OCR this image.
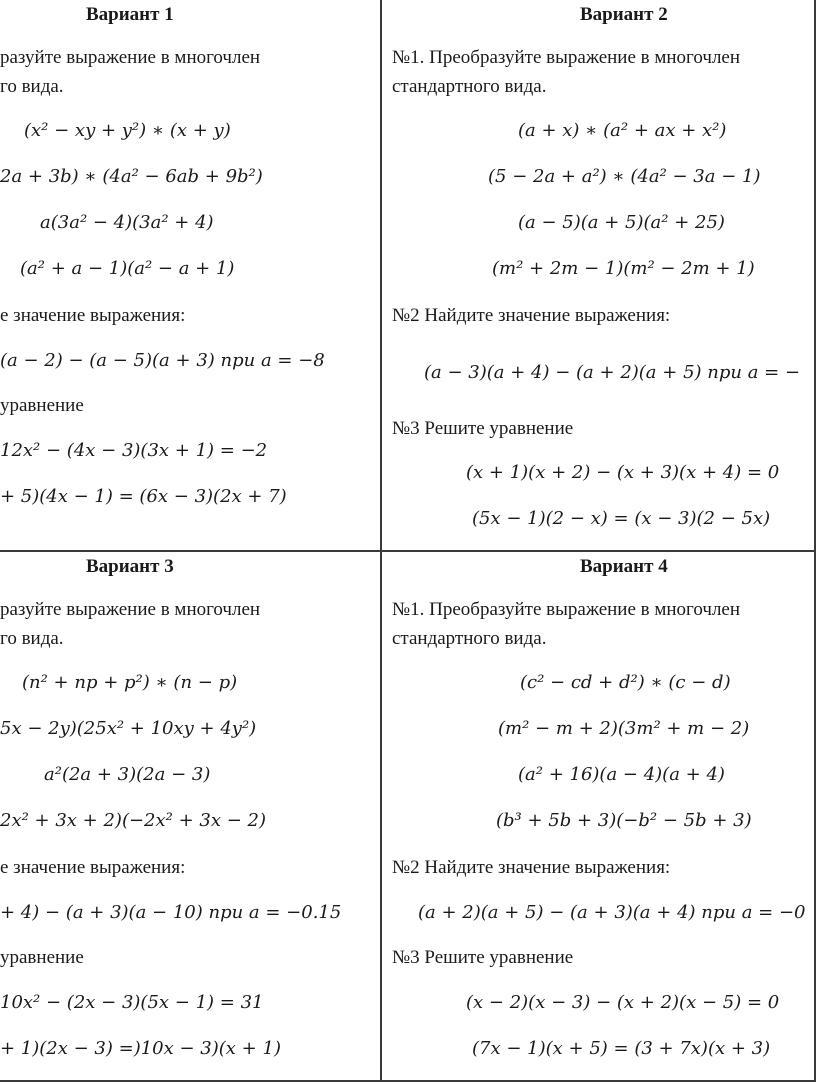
Вариант 1
разуйте выражение в многочлен
го вида.
(x² − xy + y²) ∗ (x + y)
2a + 3b) ∗ (4a² − 6ab + 9b²)
a(3a² − 4)(3a² + 4)
(a² + a − 1)(a² − a + 1)
е значение выражения:
(a − 2) − (a − 5)(a + 3) при a = −8
уравнение
12x² − (4x − 3)(3x + 1) = −2
+ 5)(4x − 1) = (6x − 3)(2x + 7)
Вариант 2
№1. Преобразуйте выражение в многочлен
стандартного вида.
(a + x) ∗ (a² + ax + x²)
(5 − 2a + a²) ∗ (4a² − 3a − 1)
(a − 5)(a + 5)(a² + 25)
(m² + 2m − 1)(m² − 2m + 1)
№2 Найдите значение выражения:
(a − 3)(a + 4) − (a + 2)(a + 5) при a = −
№3 Решите уравнение
(x + 1)(x + 2) − (x + 3)(x + 4) = 0
(5x − 1)(2 − x) = (x − 3)(2 − 5x)
Вариант 3
разуйте выражение в многочлен
го вида.
(n² + np + p²) ∗ (n − p)
5x − 2y)(25x² + 10xy + 4y²)
a²(2a + 3)(2a − 3)
2x² + 3x + 2)(−2x² + 3x − 2)
е значение выражения:
+ 4) − (a + 3)(a − 10) при a = −0.15
уравнение
10x² − (2x − 3)(5x − 1) = 31
+ 1)(2x − 3) =)10x − 3)(x + 1)
Вариант 4
№1. Преобразуйте выражение в многочлен
стандартного вида.
(c² − cd + d²) ∗ (c − d)
(m² − m + 2)(3m² + m − 2)
(a² + 16)(a − 4)(a + 4)
(b³ + 5b + 3)(−b² − 5b + 3)
№2 Найдите значение выражения:
(a + 2)(a + 5) − (a + 3)(a + 4) при a = −0
№3 Решите уравнение
(x − 2)(x − 3) − (x + 2)(x − 5) = 0
(7x − 1)(x + 5) = (3 + 7x)(x + 3)
